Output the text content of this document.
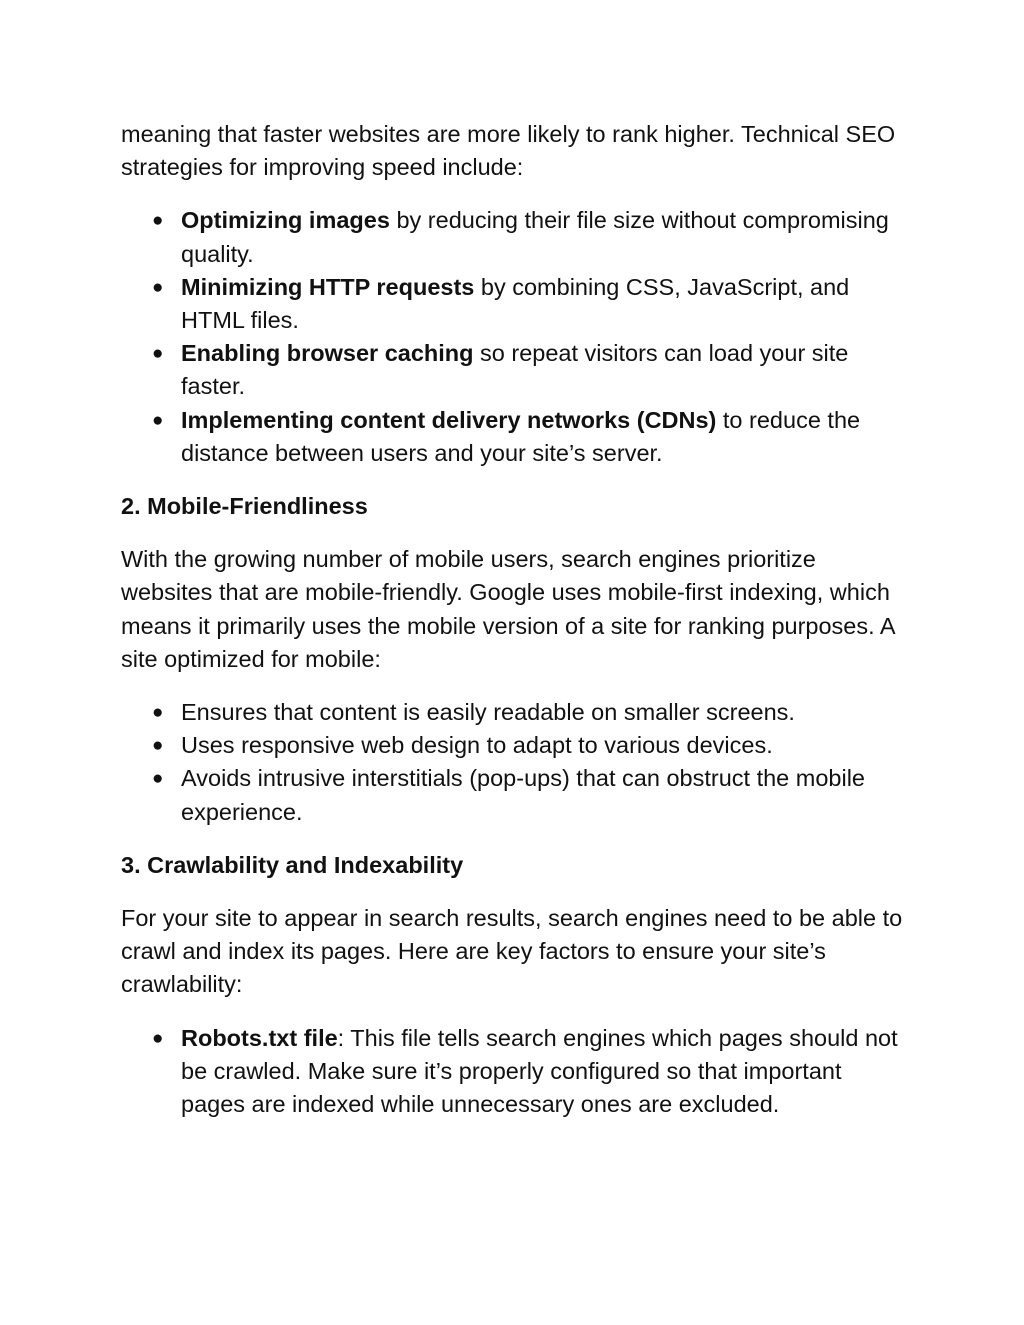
meaning that faster websites are more likely to rank higher. Technical SEO strategies for improving speed include:

● Optimizing images by reducing their file size without compromising quality.
● Minimizing HTTP requests by combining CSS, JavaScript, and HTML files.
● Enabling browser caching so repeat visitors can load your site faster.
● Implementing content delivery networks (CDNs) to reduce the distance between users and your site’s server.
2. Mobile-Friendliness

With the growing number of mobile users, search engines prioritize websites that are mobile-friendly. Google uses mobile-first indexing, which means it primarily uses the mobile version of a site for ranking purposes. A site optimized for mobile:

● Ensures that content is easily readable on smaller screens.
● Uses responsive web design to adapt to various devices.
● Avoids intrusive interstitials (pop-ups) that can obstruct the mobile experience.
3. Crawlability and Indexability

For your site to appear in search results, search engines need to be able to crawl and index its pages. Here are key factors to ensure your site’s crawlability:

● Robots.txt file: This file tells search engines which pages should not be crawled. Make sure it’s properly configured so that important pages are indexed while unnecessary ones are excluded.
